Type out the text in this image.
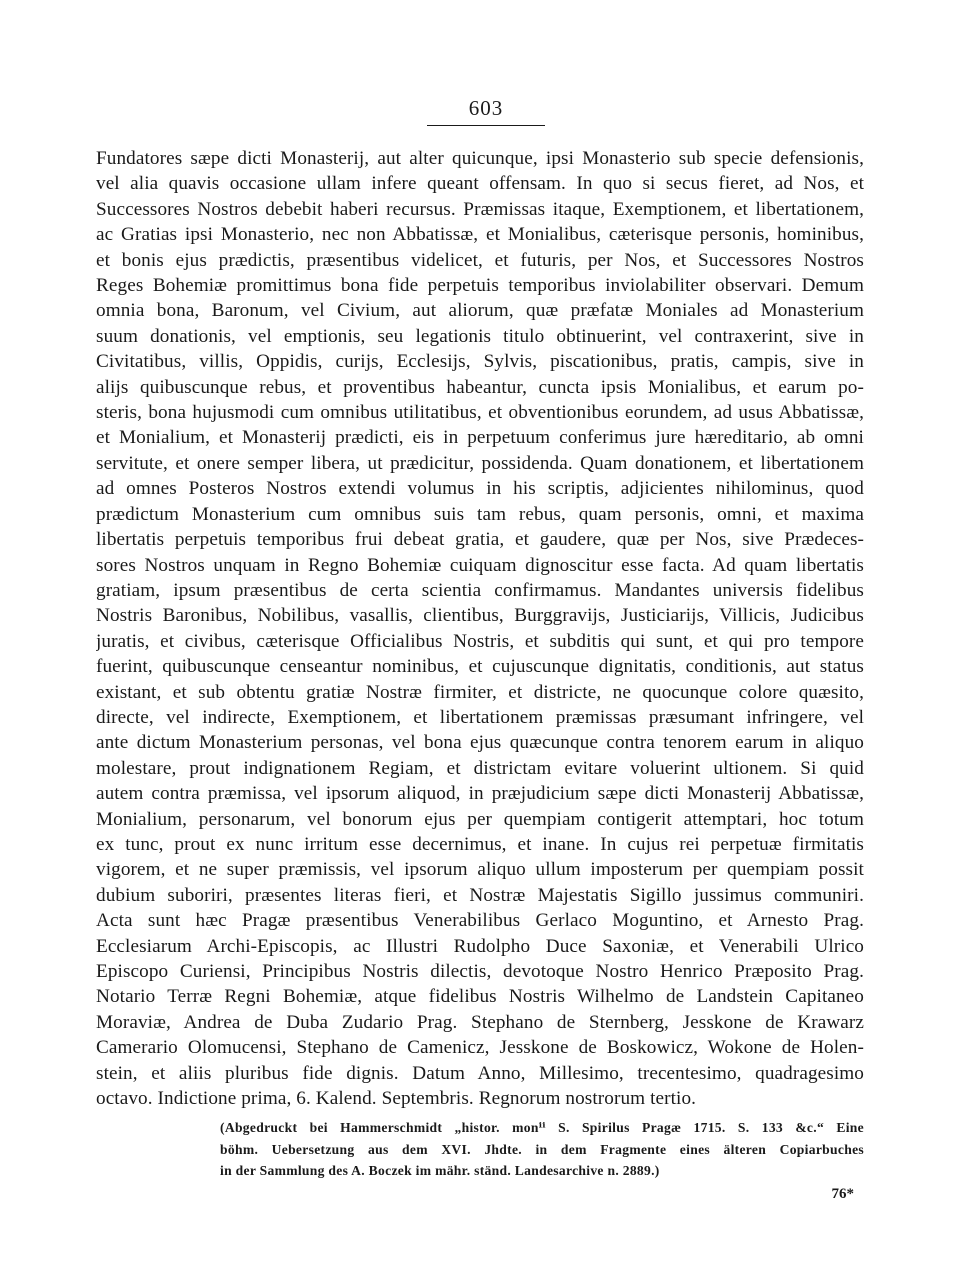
603
Fundatores sæpe dicti Monasterij, aut alter quicunque, ipsi Monasterio sub specie defensionis,
vel alia quavis occasione ullam infere queant offensam. In quo si secus fieret, ad Nos, et
Successores Nostros debebit haberi recursus. Præmissas itaque, Exemptionem, et libertationem,
ac Gratias ipsi Monasterio, nec non Abbatissæ, et Monialibus, cæterisque personis, hominibus,
et bonis ejus prædictis, præsentibus videlicet, et futuris, per Nos, et Successores Nostros
Reges Bohemiæ promittimus bona fide perpetuis temporibus inviolabiliter observari. Demum
omnia bona, Baronum, vel Civium, aut aliorum, quæ præfatæ Moniales ad Monasterium
suum donationis, vel emptionis, seu legationis titulo obtinuerint, vel contraxerint, sive in
Civitatibus, villis, Oppidis, curijs, Ecclesijs, Sylvis, piscationibus, pratis, campis, sive in
alijs quibuscunque rebus, et proventibus habeantur, cuncta ipsis Monialibus, et earum po-
steris, bona hujusmodi cum omnibus utilitatibus, et obventionibus eorundem, ad usus Abbatissæ,
et Monialium, et Monasterij prædicti, eis in perpetuum conferimus jure hæreditario, ab omni
servitute, et onere semper libera, ut prædicitur, possidenda. Quam donationem, et libertationem
ad omnes Posteros Nostros extendi volumus in his scriptis, adjicientes nihilominus, quod
prædictum Monasterium cum omnibus suis tam rebus, quam personis, omni, et maxima
libertatis perpetuis temporibus frui debeat gratia, et gaudere, quæ per Nos, sive Prædeces-
sores Nostros unquam in Regno Bohemiæ cuiquam dignoscitur esse facta. Ad quam libertatis
gratiam, ipsum præsentibus de certa scientia confirmamus. Mandantes universis fidelibus
Nostris Baronibus, Nobilibus, vasallis, clientibus, Burggravijs, Justiciarijs, Villicis, Judicibus
juratis, et civibus, cæterisque Officialibus Nostris, et subditis qui sunt, et qui pro tempore
fuerint, quibuscunque censeantur nominibus, et cujuscunque dignitatis, conditionis, aut status
existant, et sub obtentu gratiæ Nostræ firmiter, et districte, ne quocunque colore quæsito,
directe, vel indirecte, Exemptionem, et libertationem præmissas præsumant infringere, vel
ante dictum Monasterium personas, vel bona ejus quæcunque contra tenorem earum in aliquo
molestare, prout indignationem Regiam, et districtam evitare voluerint ultionem. Si quid
autem contra præmissa, vel ipsorum aliquod, in præjudicium sæpe dicti Monasterij Abbatissæ,
Monialium, personarum, vel bonorum ejus per quempiam contigerit attemptari, hoc totum
ex tunc, prout ex nunc irritum esse decernimus, et inane. In cujus rei perpetuæ firmitatis
vigorem, et ne super præmissis, vel ipsorum aliquo ullum imposterum per quempiam possit
dubium suboriri, præsentes literas fieri, et Nostræ Majestatis Sigillo jussimus communiri.
Acta sunt hæc Pragæ præsentibus Venerabilibus Gerlaco Moguntino, et Arnesto Prag.
Ecclesiarum Archi-Episcopis, ac Illustri Rudolpho Duce Saxoniæ, et Venerabili Ulrico
Episcopo Curiensi, Principibus Nostris dilectis, devotoque Nostro Henrico Præposito Prag.
Notario Terræ Regni Bohemiæ, atque fidelibus Nostris Wilhelmo de Landstein Capitaneo
Moraviæ, Andrea de Duba Zudario Prag. Stephano de Sternberg, Jesskone de Krawarz
Camerario Olomucensi, Stephano de Camenicz, Jesskone de Boskowicz, Wokone de Holen-
stein, et aliis pluribus fide dignis. Datum Anno, Millesimo, trecentesimo, quadragesimo
octavo. Indictione prima, 6. Kalend. Septembris. Regnorum nostrorum tertio.
(Abgedruckt bei Hammerschmidt „histor. monⁱⁱ S. Spirilus Pragæ 1715. S. 133 &c.“ Eine
böhm. Uebersetzung aus dem XVI. Jhdte. in dem Fragmente eines älteren Copiarbuches
in der Sammlung des A. Boczek im mähr. ständ. Landesarchive n. 2889.)
76*
